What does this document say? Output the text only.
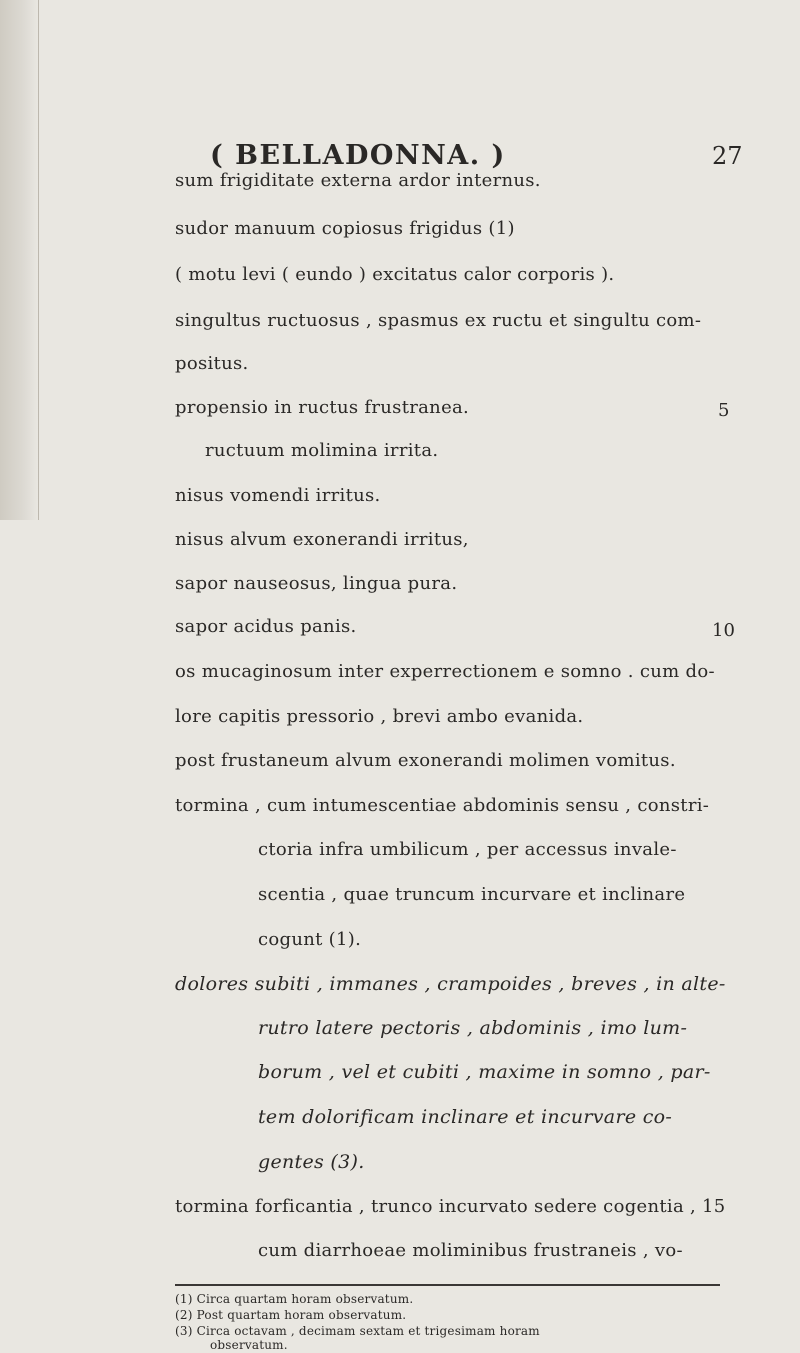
( BELLADONNA. )	27
sum frigiditate externa ardor internus.
sudor manuum copiosus frigidus (1)
( motu levi ( eundo ) excitatus calor corporis ).
singultus ructuosus , spasmus ex ructu et singultu com-
positus.
propensio in ructus frustranea.	5
ructuum molimina irrita.
nisus vomendi irritus.
nisus alvum exonerandi irritus,
sapor nauseosus, lingua pura.
sapor acidus panis.	10
os mucaginosum inter experrectionem e somno . cum do-
lore capitis pressorio , brevi ambo evanida.
post frustaneum alvum exonerandi molimen vomitus.
tormina , cum intumescentiae abdominis sensu , constri-
ctoria infra umbilicum , per accessus invale-
scentia , quae truncum incurvare et inclinare
cogunt (1).
dolores subiti , immanes , crampoides , breves , in alte-
rutro latere pectoris , abdominis , imo lum-
borum , vel et cubiti , maxime in somno , par-
tem dolorificam inclinare et incurvare co-
gentes (3).
tormina forficantia , trunco incurvato sedere cogentia , 15
cum diarrhoeae moliminibus frustraneis , vo-
(1) Circa quartam horam observatum.
(2) Post quartam horam observatum.
(3) Circa octavam , decimam sextam et trigesimam horam
observatum.
